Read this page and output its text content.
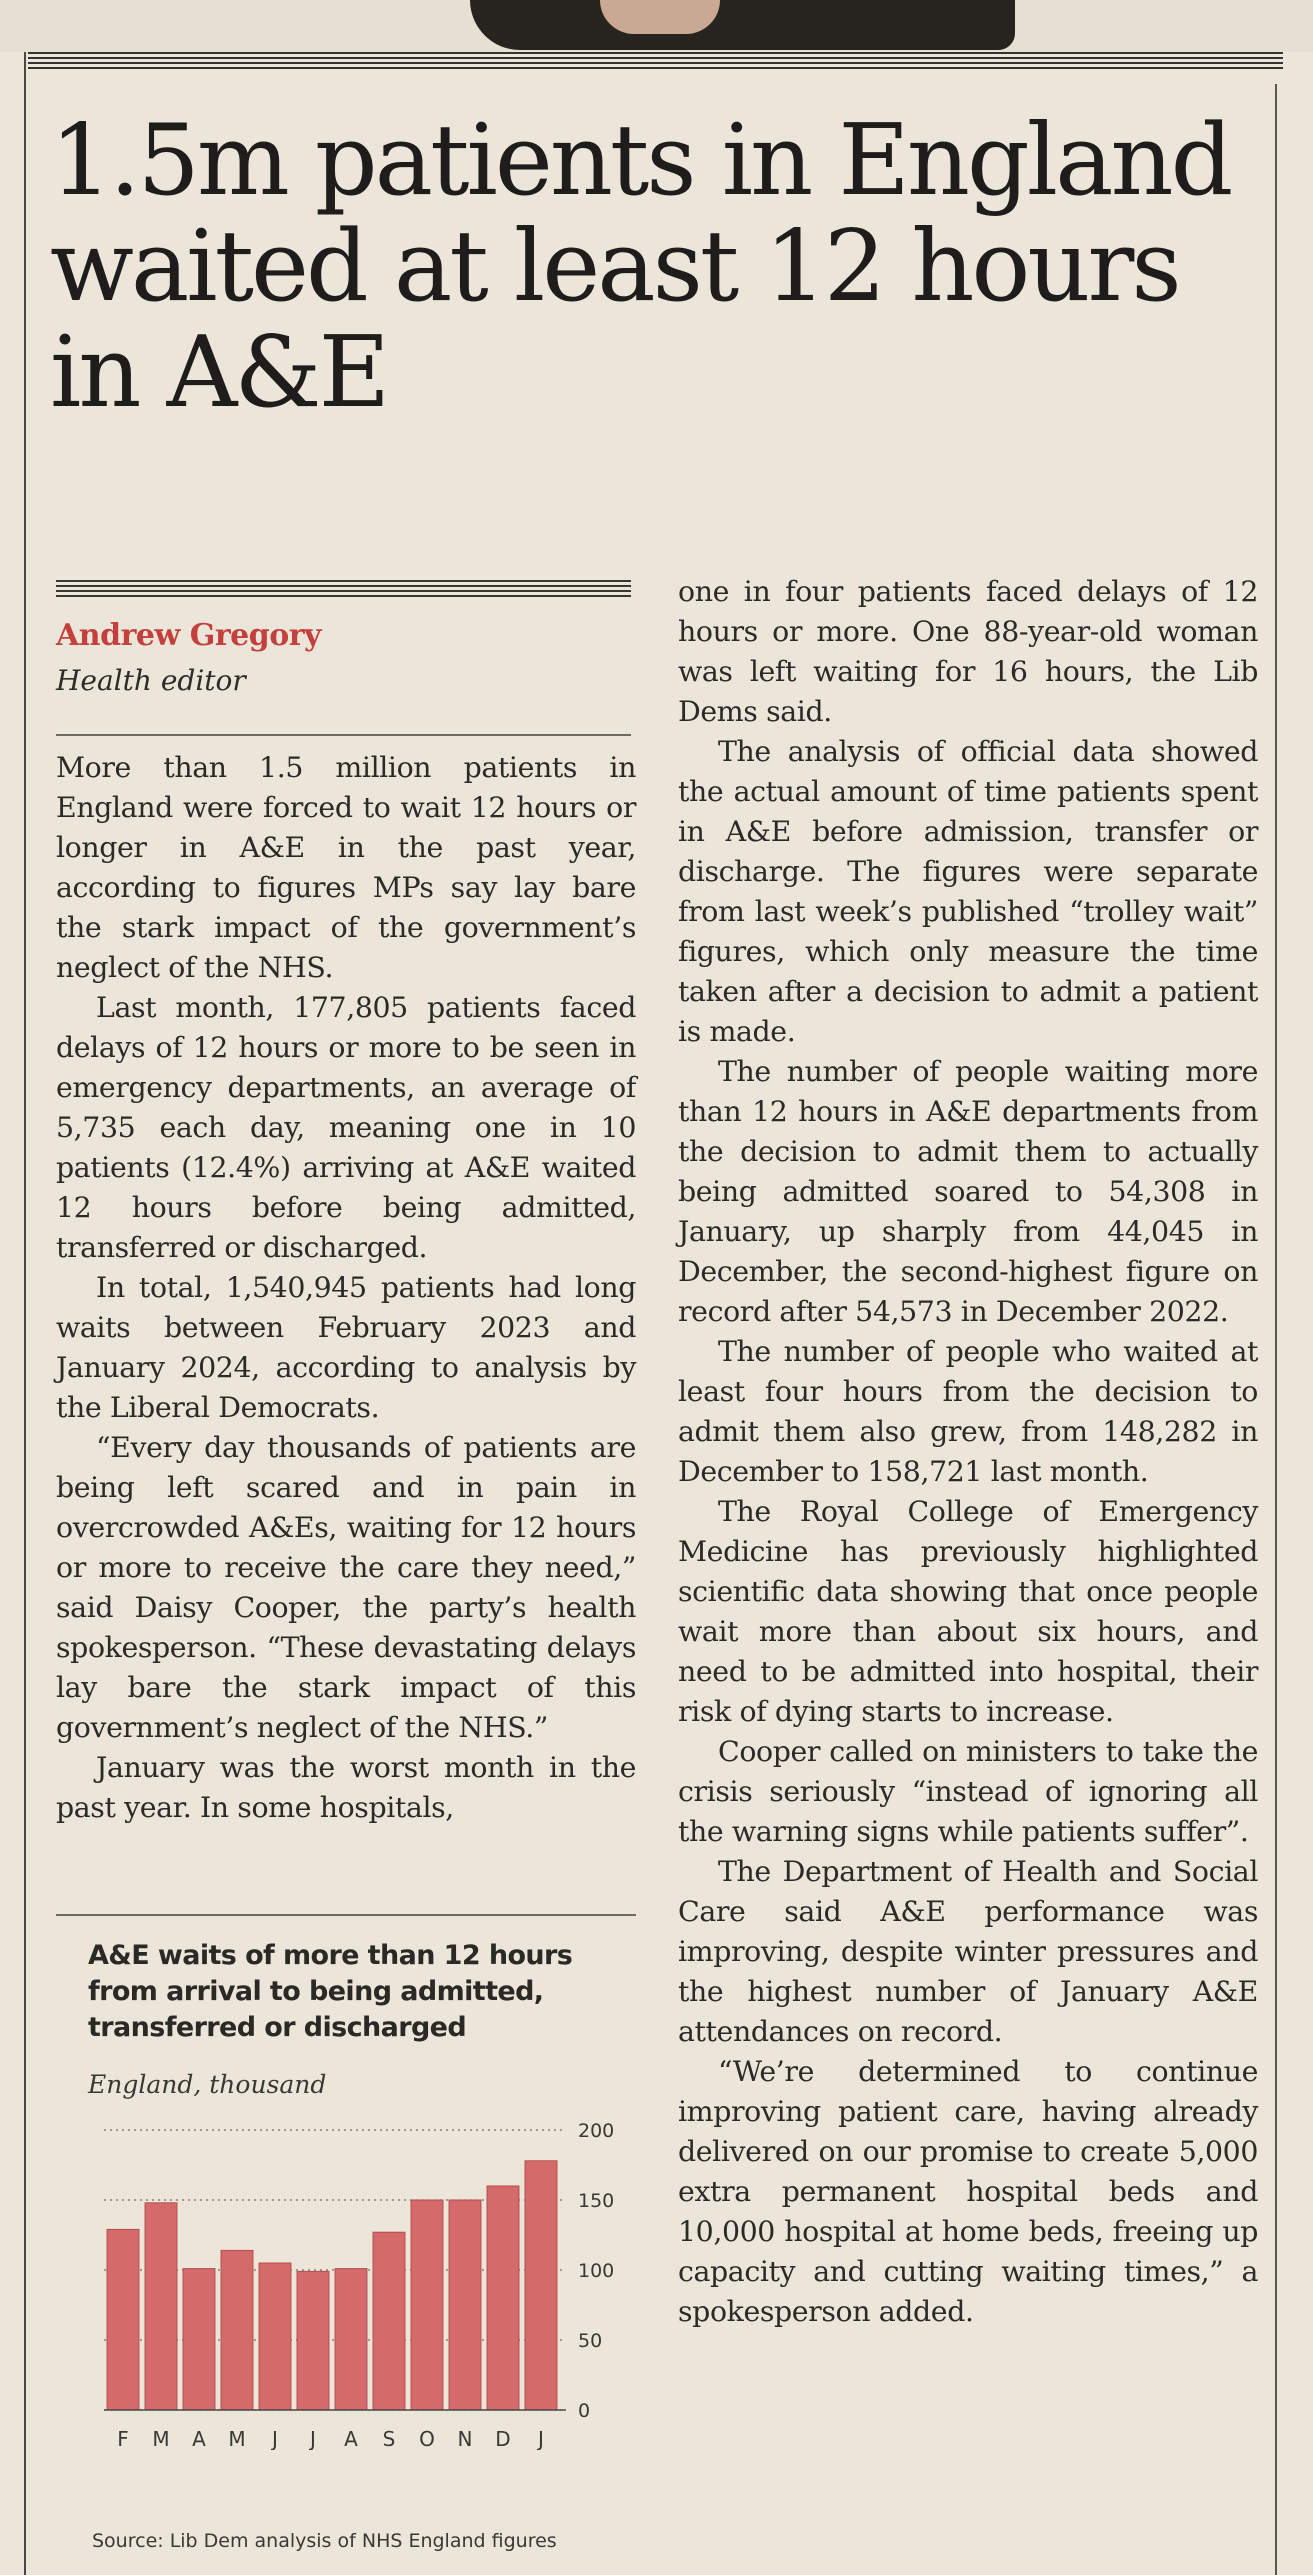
1.5m patients in England waited at least 12 hours in A&E
Andrew Gregory
Health editor

More than 1.5 million patients in England were forced to wait 12 hours or longer in A&E in the past year, according to figures MPs say lay bare the stark impact of the government’s neglect of the NHS.

Last month, 177,805 patients faced delays of 12 hours or more to be seen in emergency departments, an average of 5,735 each day, meaning one in 10 patients (12.4%) arriving at A&E waited 12 hours before being admitted, transferred or discharged.

In total, 1,540,945 patients had long waits between February 2023 and January 2024, according to analysis by the Liberal Democrats.

“Every day thousands of patients are being left scared and in pain in overcrowded A&Es, waiting for 12 hours or more to receive the care they need,” said Daisy Cooper, the party’s health spokesperson. “These devastating delays lay bare the stark impact of this government’s neglect of the NHS.”

January was the worst month in the past year. In some hospitals,

one in four patients faced delays of 12 hours or more. One 88-year-old woman was left waiting for 16 hours, the Lib Dems said.

The analysis of official data showed the actual amount of time patients spent in A&E before admission, transfer or discharge. The figures were separate from last week’s published “trolley wait” figures, which only measure the time taken after a decision to admit a patient is made.

The number of people waiting more than 12 hours in A&E departments from the decision to admit them to actually being admitted soared to 54,308 in January, up sharply from 44,045 in December, the second-highest figure on record after 54,573 in December 2022.

The number of people who waited at least four hours from the decision to admit them also grew, from 148,282 in December to 158,721 last month.

The Royal College of Emergency Medicine has previously highlighted scientific data showing that once people wait more than about six hours, and need to be admitted into hospital, their risk of dying starts to increase.

Cooper called on ministers to take the crisis seriously “instead of ignoring all the warning signs while patients suffer”.

The Department of Health and Social Care said A&E performance was improving, despite winter pressures and the highest number of January A&E attendances on record.

“We’re determined to continue improving patient care, having already delivered on our promise to create 5,000 extra permanent hospital beds and 10,000 hospital at home beds, freeing up capacity and cutting waiting times,” a spokesperson added.

A&E waits of more than 12 hours from arrival to being admitted, transferred or discharged
England, thousand
0
50
100
150
200
F M A M J J A S O N D J
Source: Lib Dem analysis of NHS England figures
